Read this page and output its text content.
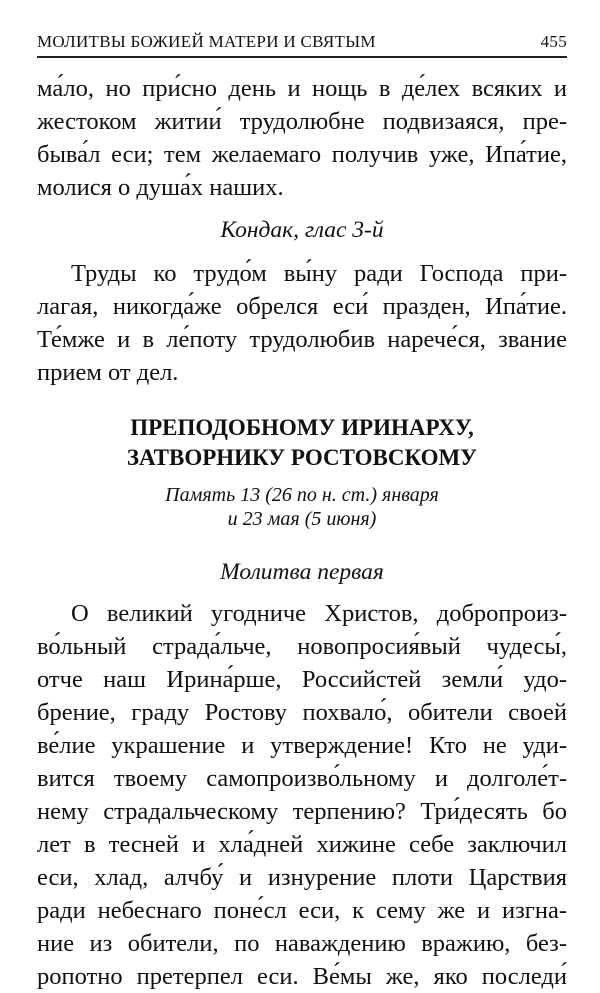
МОЛИТВЫ БОЖИЕЙ МАТЕРИ И СВЯТЫМ	455
ма́ло, но при́сно день и нощь в де́лех всяких и
жестоком житии́ трудолюбне подвизаяся, пре-
быва́л еси; тем желаемаго получив уже, Ипа́тие,
молися о душа́х наших.
Кондак, глас 3-й
Труды ко трудо́м вы́ну ради Господа при-
лагая, никогда́же обрелся еси́ празден, Ипа́тие.
Те́мже и в ле́поту трудолюбив нарече́ся, звание
прием от дел.
ПРЕПОДОБНОМУ ИРИНАРХУ,
ЗАТВОРНИКУ РОСТОВСКОМУ
Память 13 (26 по н. ст.) января
и 23 мая (5 июня)
Молитва первая
О великий угодниче Христов, добропроиз-
во́льный страда́льче, новопросия́вый чудесы́,
отче наш Ирина́рше, Российстей земли́ удо-
брение, граду Ростову похвало́, обители своей
ве́лие украшение и утверждение! Кто не уди-
вится твоему самопроизво́льному и долголе́т-
нему страдальческому терпению? Три́десять бо
лет в тесней и хла́дней хижине себе заключил
еси, хлад, алчбу́ и изнурение плоти Царствия
ради небеснаго поне́сл еси, к сему же и изгна-
ние из обители, по наваждению вражию, без-
ропотно претерпел еси. Ве́мы же, яко последи́
